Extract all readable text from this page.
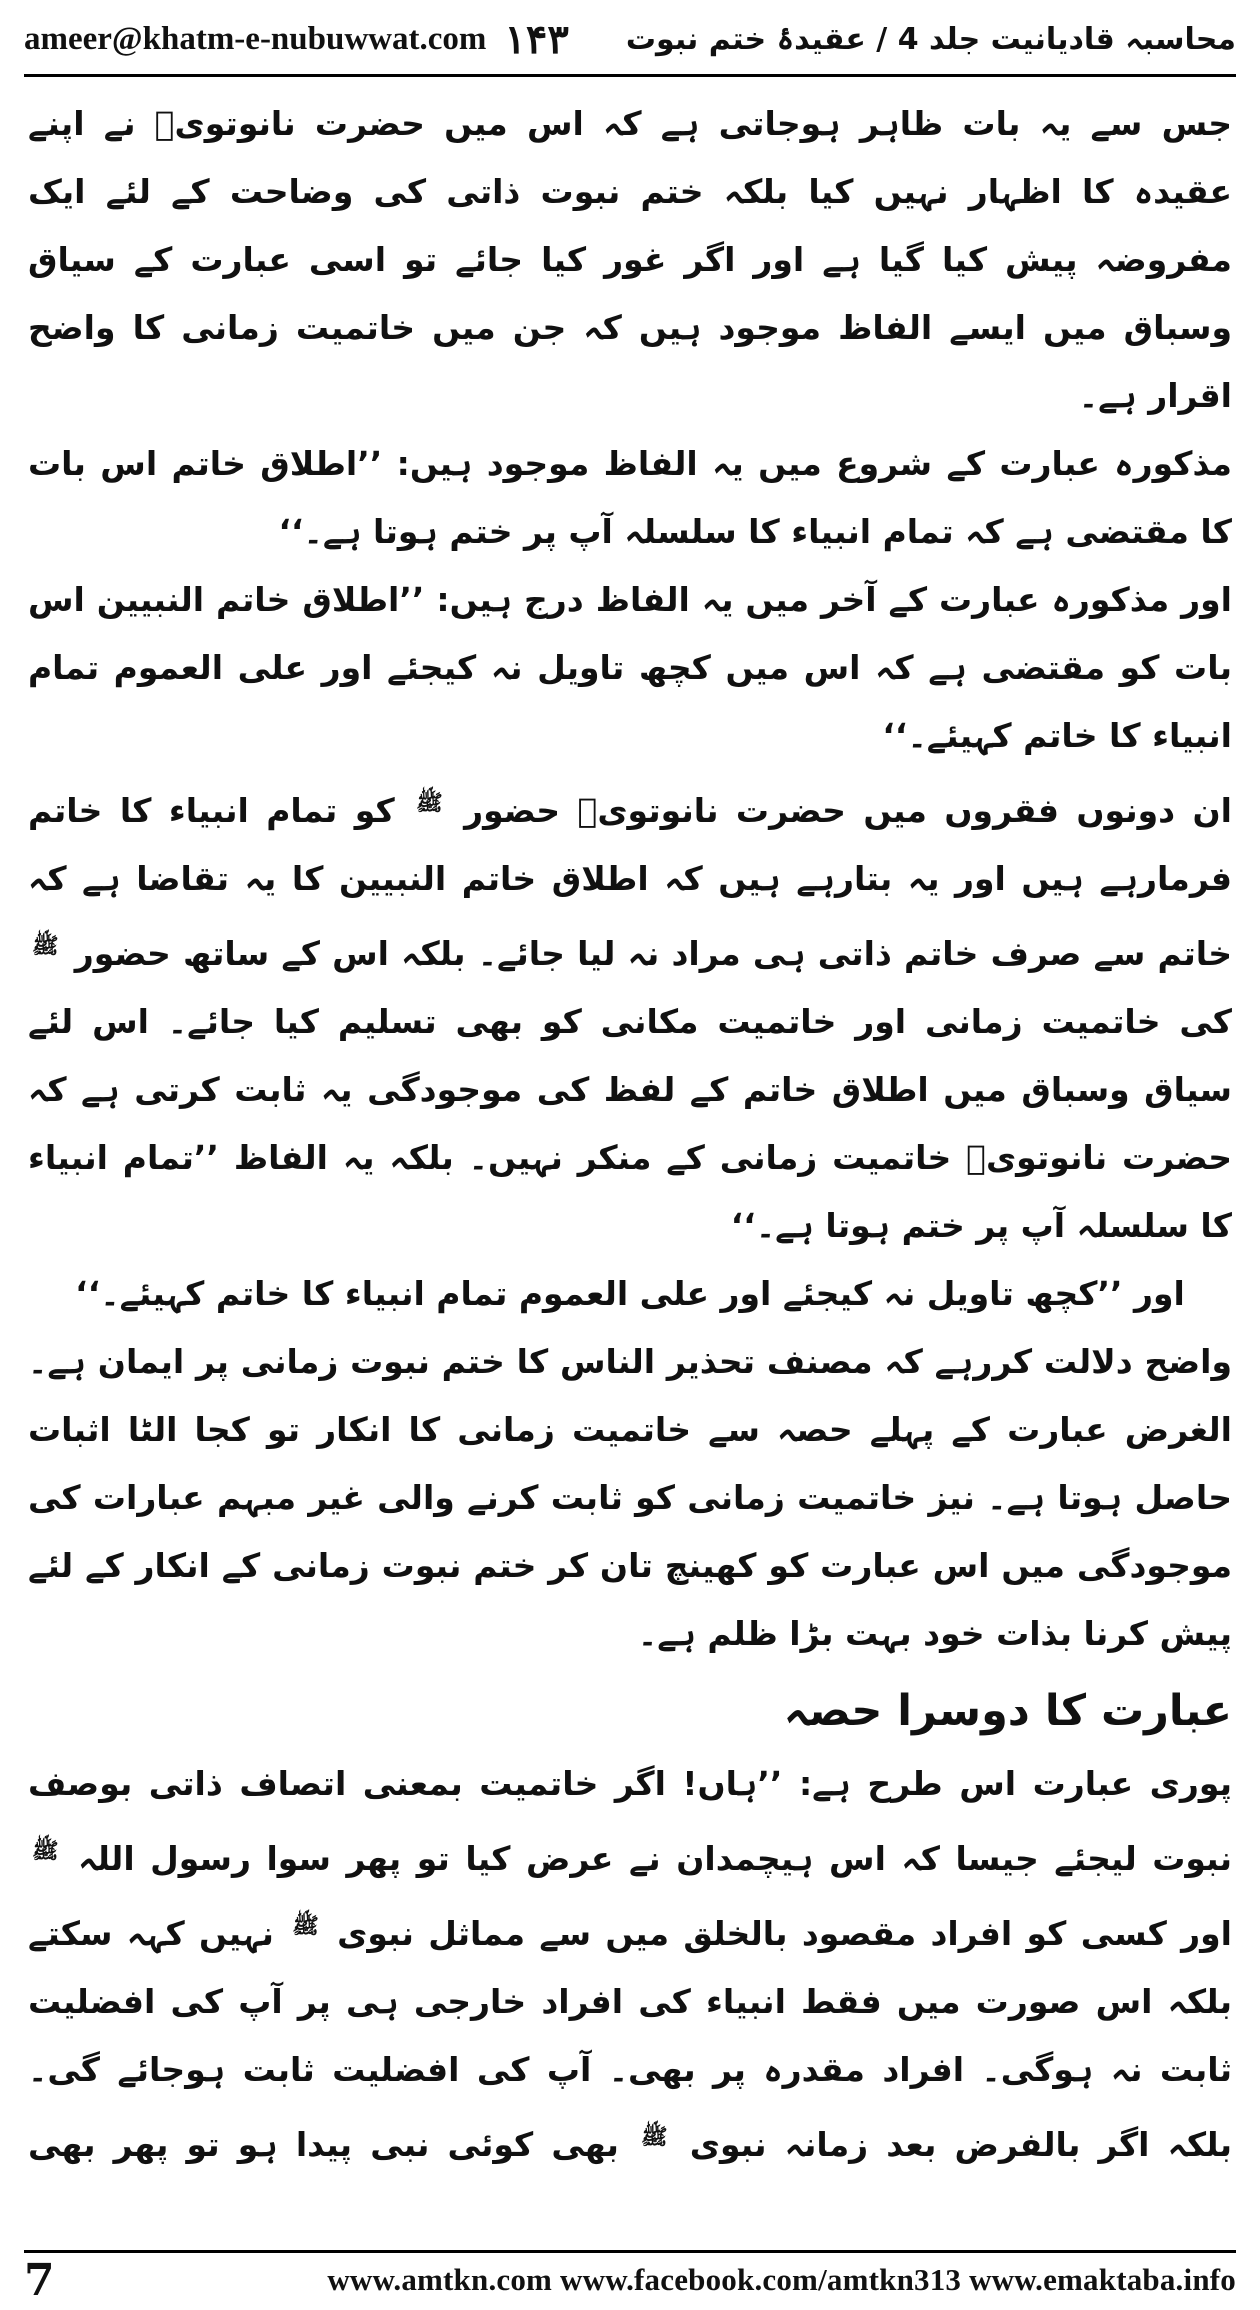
ameer@khatm-e-nubuwwat.com ۱۴۳ محاسبہ قادیانیت جلد 4 / عقیدۂ ختم نبوت

جس سے یہ بات ظاہر ہوجاتی ہے کہ اس میں حضرت نانوتویؒ نے اپنے عقیدہ کا اظہار نہیں کیا بلکہ ختم نبوت ذاتی کی وضاحت کے لئے ایک مفروضہ پیش کیا گیا ہے اور اگر غور کیا جائے تو اسی عبارت کے سیاق وسباق میں ایسے الفاظ موجود ہیں کہ جن میں خاتمیت زمانی کا واضح اقرار ہے۔

مذکورہ عبارت کے شروع میں یہ الفاظ موجود ہیں: ’’اطلاق خاتم اس بات کا مقتضی ہے کہ تمام انبیاء کا سلسلہ آپ پر ختم ہوتا ہے۔‘‘

اور مذکورہ عبارت کے آخر میں یہ الفاظ درج ہیں: ’’اطلاق خاتم النبیین اس بات کو مقتضی ہے کہ اس میں کچھ تاویل نہ کیجئے اور علی العموم تمام انبیاء کا خاتم کہیئے۔‘‘

ان دونوں فقروں میں حضرت نانوتویؒ حضور $^ﷺ$ کو تمام انبیاء کا خاتم فرمارہے ہیں اور یہ بتارہے ہیں کہ اطلاق خاتم النبیین کا یہ تقاضا ہے کہ خاتم سے صرف خاتم ذاتی ہی مراد نہ لیا جائے۔ بلکہ اس کے ساتھ حضور $^ﷺ$ کی خاتمیت زمانی اور خاتمیت مکانی کو بھی تسلیم کیا جائے۔ اس لئے سیاق وسباق میں اطلاق خاتم کے لفظ کی موجودگی یہ ثابت کرتی ہے کہ حضرت نانوتویؒ خاتمیت زمانی کے منکر نہیں۔ بلکہ یہ الفاظ ’’تمام انبیاء کا سلسلہ آپ پر ختم ہوتا ہے۔‘‘

اور ’’کچھ تاویل نہ کیجئے اور علی العموم تمام انبیاء کا خاتم کہیئے۔‘‘

واضح دلالت کررہے کہ مصنف تحذیر الناس کا ختم نبوت زمانی پر ایمان ہے۔ الغرض عبارت کے پہلے حصہ سے خاتمیت زمانی کا انکار تو کجا الٹا اثبات حاصل ہوتا ہے۔ نیز خاتمیت زمانی کو ثابت کرنے والی غیر مبہم عبارات کی موجودگی میں اس عبارت کو کھینچ تان کر ختم نبوت زمانی کے انکار کے لئے پیش کرنا بذات خود بہت بڑا ظلم ہے۔

عبارت کا دوسرا حصہ

پوری عبارت اس طرح ہے: ’’ہاں! اگر خاتمیت بمعنی اتصاف ذاتی بوصف نبوت لیجئے جیسا کہ اس ہیچمدان نے عرض کیا تو پھر سوا رسول اللہ $^ﷺ$ اور کسی کو افراد مقصود بالخلق میں سے مماثل نبوی $^ﷺ$ نہیں کہہ سکتے بلکہ اس صورت میں فقط انبیاء کی افراد خارجی ہی پر آپ کی افضلیت ثابت نہ ہوگی۔ افراد مقدرہ پر بھی۔ آپ کی افضلیت ثابت ہوجائے گی۔ بلکہ اگر بالفرض بعد زمانہ نبوی $^ﷺ$ بھی کوئی نبی پیدا ہو تو پھر بھی

7	www.amtkn.com www.facebook.com/amtkn313 www.emaktaba.info
